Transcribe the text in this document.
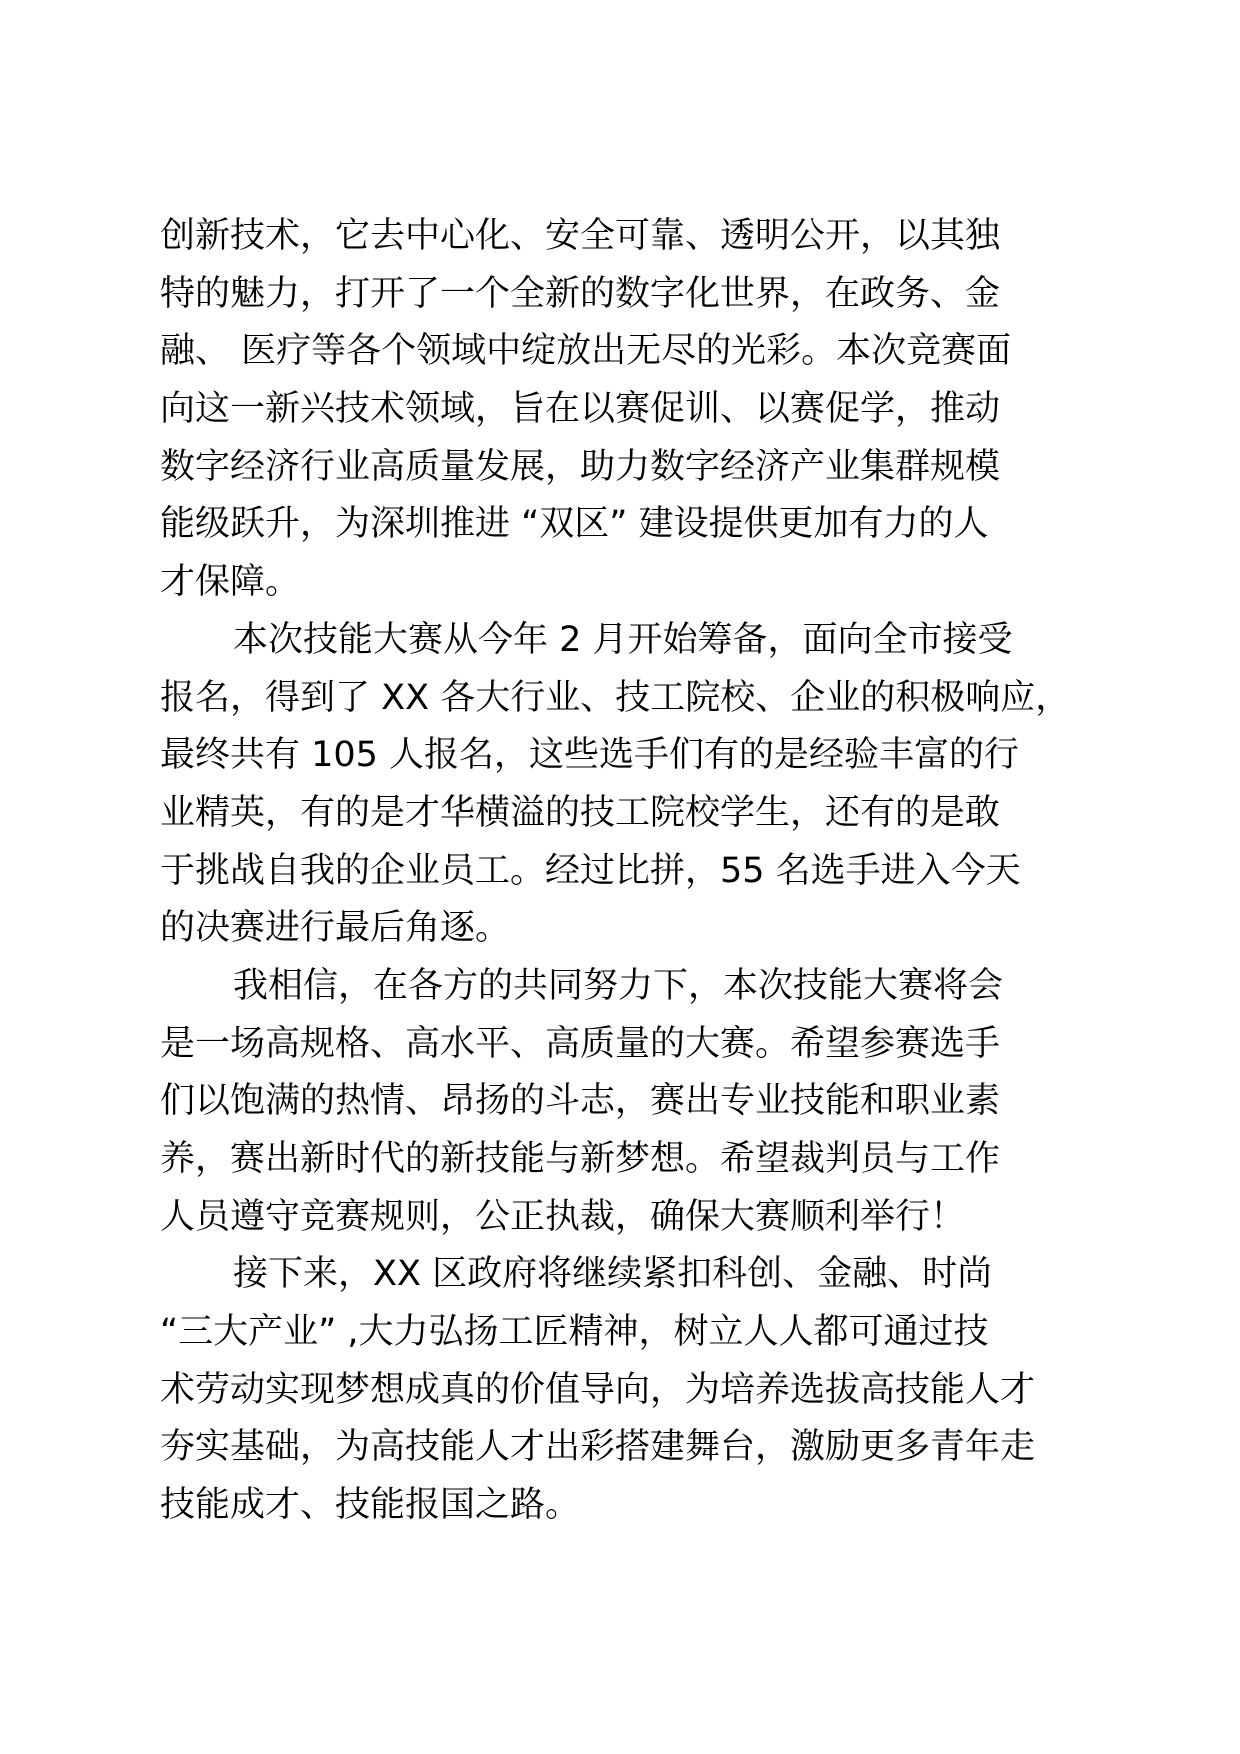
创新技术，它去中心化、安全可靠、透明公开，以其独
特的魅力，打开了一个全新的数字化世界，在政务、金
融、 医疗等各个领域中绽放出无尽的光彩。本次竞赛面
向这一新兴技术领域，旨在以赛促训、以赛促学，推动
数字经济行业高质量发展，助力数字经济产业集群规模
能级跃升，为深圳推进 “双区” 建设提供更加有力的人
才保障。
本次技能大赛从今年 2 月开始筹备，面向全市接受
报名，得到了 XX 各大行业、技工院校、企业的积极响应，
最终共有 105 人报名，这些选手们有的是经验丰富的行
业精英，有的是才华横溢的技工院校学生，还有的是敢
于挑战自我的企业员工。经过比拼，55 名选手进入今天
的决赛进行最后角逐。
我相信，在各方的共同努力下，本次技能大赛将会
是一场高规格、高水平、高质量的大赛。希望参赛选手
们以饱满的热情、昂扬的斗志，赛出专业技能和职业素
养，赛出新时代的新技能与新梦想。希望裁判员与工作
人员遵守竞赛规则，公正执裁，确保大赛顺利举行！
接下来，XX 区政府将继续紧扣科创、金融、时尚
“三大产业” ,大力弘扬工匠精神，树立人人都可通过技
术劳动实现梦想成真的价值导向，为培养选拔高技能人才
夯实基础，为高技能人才出彩搭建舞台，激励更多青年走
技能成才、技能报国之路。
